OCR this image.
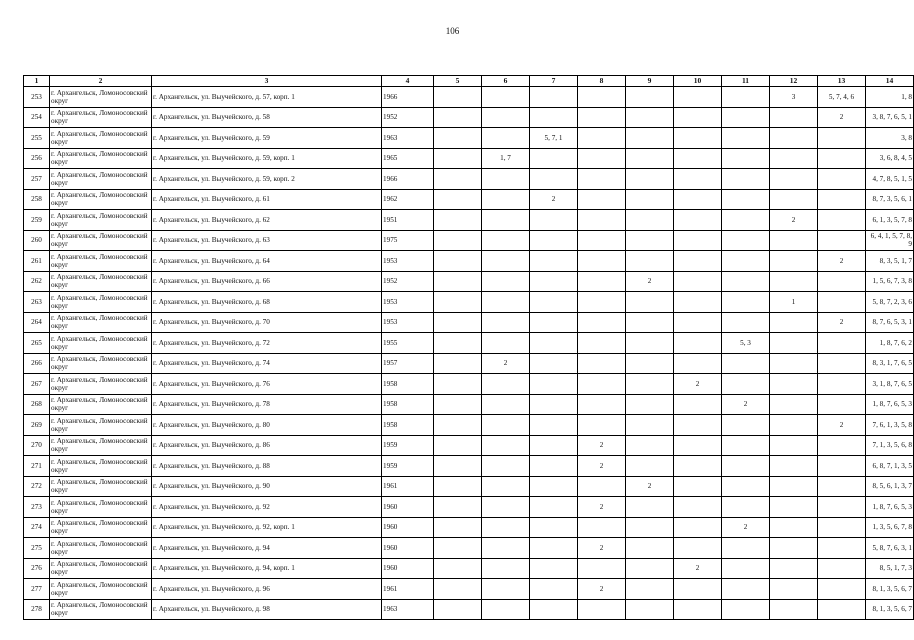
106
1	2	3	4	5	6	7	8	9	10	11	12	13	14
253	г. Архангельск, Ломоносовский округ	г. Архангельск, ул. Выучейского, д. 57, корп. 1	1966								3	5, 7, 4, 6	1, 8
254	г. Архангельск, Ломоносовский округ	г. Архангельск, ул. Выучейского, д. 58	1952									2	3, 8, 7, 6, 5, 1
255	г. Архангельск, Ломоносовский округ	г. Архангельск, ул. Выучейского, д. 59	1963			5, 7, 1							3, 8
256	г. Архангельск, Ломоносовский округ	г. Архангельск, ул. Выучейского, д. 59, корп. 1	1965		1, 7								3, 6, 8, 4, 5
257	г. Архангельск, Ломоносовский округ	г. Архангельск, ул. Выучейского, д. 59, корп. 2	1966										4, 7, 8, 5, 1, 5
258	г. Архангельск, Ломоносовский округ	г. Архангельск, ул. Выучейского, д. 61	1962			2							8, 7, 3, 5, 6, 1
259	г. Архангельск, Ломоносовский округ	г. Архангельск, ул. Выучейского, д. 62	1951								2		6, 1, 3, 5, 7, 8
260	г. Архангельск, Ломоносовский округ	г. Архангельск, ул. Выучейского, д. 63	1975										6, 4, 1, 5, 7, 8, 9
261	г. Архангельск, Ломоносовский округ	г. Архангельск, ул. Выучейского, д. 64	1953									2	8, 3, 5, 1, 7
262	г. Архангельск, Ломоносовский округ	г. Архангельск, ул. Выучейского, д. 66	1952					2					1, 5, 6, 7, 3, 8
263	г. Архангельск, Ломоносовский округ	г. Архангельск, ул. Выучейского, д. 68	1953								1		5, 8, 7, 2, 3, 6
264	г. Архангельск, Ломоносовский округ	г. Архангельск, ул. Выучейского, д. 70	1953									2	8, 7, 6, 5, 3, 1
265	г. Архангельск, Ломоносовский округ	г. Архангельск, ул. Выучейского, д. 72	1955							5, 3			1, 8, 7, 6, 2
266	г. Архангельск, Ломоносовский округ	г. Архангельск, ул. Выучейского, д. 74	1957		2								8, 3, 1, 7, 6, 5
267	г. Архангельск, Ломоносовский округ	г. Архангельск, ул. Выучейского, д. 76	1958						2				3, 1, 8, 7, 6, 5
268	г. Архангельск, Ломоносовский округ	г. Архангельск, ул. Выучейского, д. 78	1958							2			1, 8, 7, 6, 5, 3
269	г. Архангельск, Ломоносовский округ	г. Архангельск, ул. Выучейского, д. 80	1958									2	7, 6, 1, 3, 5, 8
270	г. Архангельск, Ломоносовский округ	г. Архангельск, ул. Выучейского, д. 86	1959				2						7, 1, 3, 5, 6, 8
271	г. Архангельск, Ломоносовский округ	г. Архангельск, ул. Выучейского, д. 88	1959				2						6, 8, 7, 1, 3, 5
272	г. Архангельск, Ломоносовский округ	г. Архангельск, ул. Выучейского, д. 90	1961					2					8, 5, 6, 1, 3, 7
273	г. Архангельск, Ломоносовский округ	г. Архангельск, ул. Выучейского, д. 92	1960				2						1, 8, 7, 6, 5, 3
274	г. Архангельск, Ломоносовский округ	г. Архангельск, ул. Выучейского, д. 92, корп. 1	1960							2			1, 3, 5, 6, 7, 8
275	г. Архангельск, Ломоносовский округ	г. Архангельск, ул. Выучейского, д. 94	1960				2						5, 8, 7, 6, 3, 1
276	г. Архангельск, Ломоносовский округ	г. Архангельск, ул. Выучейского, д. 94, корп. 1	1960						2				8, 5, 1, 7, 3
277	г. Архангельск, Ломоносовский округ	г. Архангельск, ул. Выучейского, д. 96	1961				2						8, 1, 3, 5, 6, 7
278	г. Архангельск, Ломоносовский округ	г. Архангельск, ул. Выучейского, д. 98	1963										8, 1, 3, 5, 6, 7
